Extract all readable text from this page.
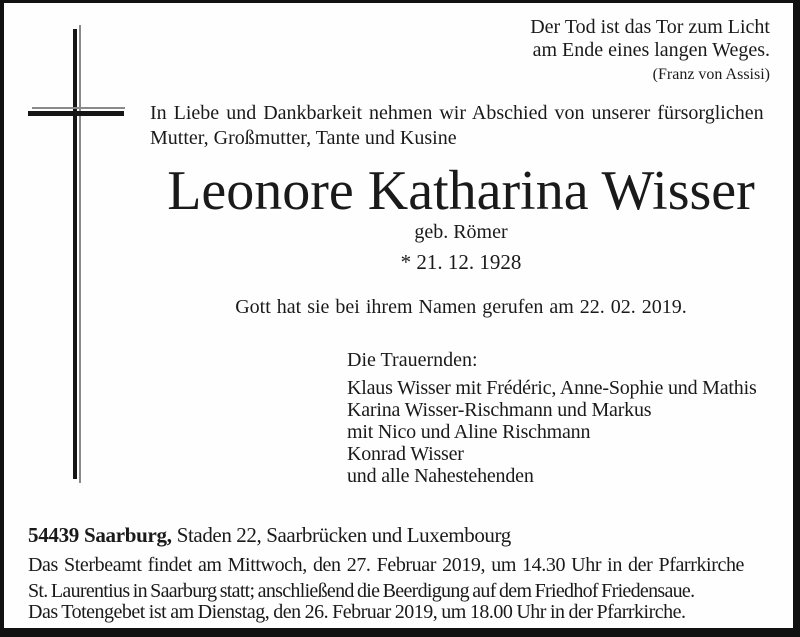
Der Tod ist das Tor zum Licht
am Ende eines langen Weges.
(Franz von Assisi)
In Liebe und Dankbarkeit nehmen wir Abschied von unserer fürsorglichen
Mutter, Großmutter, Tante und Kusine
Leonore Katharina Wisser
geb. Römer
* 21. 12. 1928
Gott hat sie bei ihrem Namen gerufen am 22. 02. 2019.
Die Trauernden:
Klaus Wisser mit Frédéric, Anne-Sophie und Mathis
Karina Wisser-Rischmann und Markus
mit Nico und Aline Rischmann
Konrad Wisser
und alle Nahestehenden
54439 Saarburg, Staden 22, Saarbrücken und Luxembourg
Das Sterbeamt findet am Mittwoch, den 27. Februar 2019, um 14.30 Uhr in der Pfarrkirche
St. Laurentius in Saarburg statt; anschließend die Beerdigung auf dem Friedhof Friedensaue.
Das Totengebet ist am Dienstag, den 26. Februar 2019, um 18.00 Uhr in der Pfarrkirche.
